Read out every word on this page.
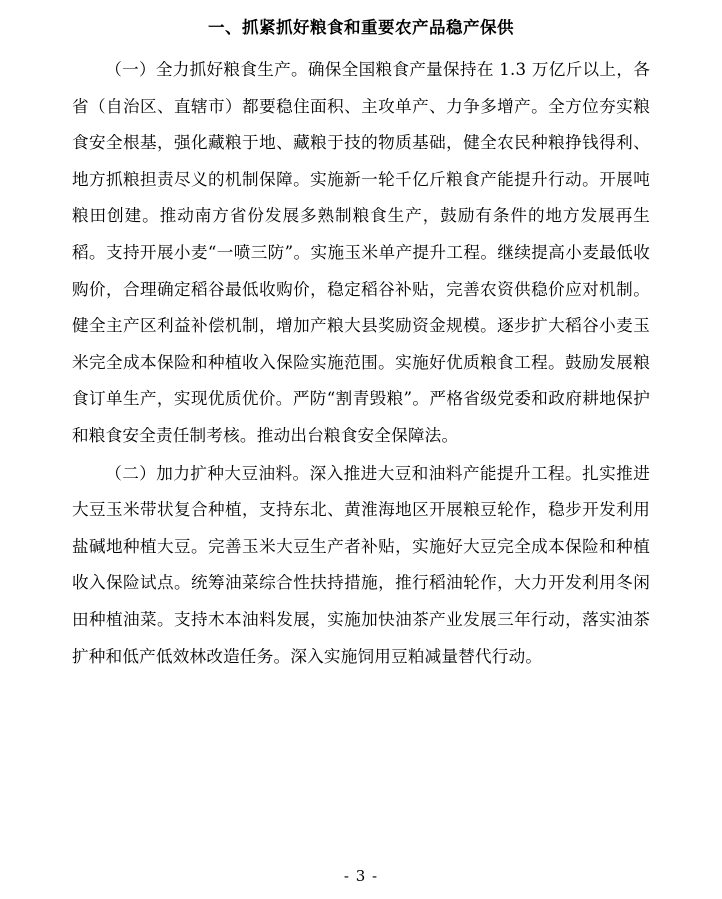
一、抓紧抓好粮食和重要农产品稳产保供

（一）全力抓好粮食生产。确保全国粮食产量保持在 1.3 万亿斤以上，各省（自治区、直辖市）都要稳住面积、主攻单产、力争多增产。全方位夯实粮食安全根基，强化藏粮于地、藏粮于技的物质基础，健全农民种粮挣钱得利、地方抓粮担责尽义的机制保障。实施新一轮千亿斤粮食产能提升行动。开展吨粮田创建。推动南方省份发展多熟制粮食生产，鼓励有条件的地方发展再生稻。支持开展小麦“一喷三防”。实施玉米单产提升工程。继续提高小麦最低收购价，合理确定稻谷最低收购价，稳定稻谷补贴，完善农资供稳价应对机制。健全主产区利益补偿机制，增加产粮大县奖励资金规模。逐步扩大稻谷小麦玉米完全成本保险和种植收入保险实施范围。实施好优质粮食工程。鼓励发展粮食订单生产，实现优质优价。严防“割青毁粮”。严格省级党委和政府耕地保护和粮食安全责任制考核。推动出台粮食安全保障法。

（二）加力扩种大豆油料。深入推进大豆和油料产能提升工程。扎实推进大豆玉米带状复合种植，支持东北、黄淮海地区开展粮豆轮作，稳步开发利用盐碱地种植大豆。完善玉米大豆生产者补贴，实施好大豆完全成本保险和种植收入保险试点。统筹油菜综合性扶持措施，推行稻油轮作，大力开发利用冬闲田种植油菜。支持木本油料发展，实施加快油茶产业发展三年行动，落实油茶扩种和低产低效林改造任务。深入实施饲用豆粕减量替代行动。

- 3 -
